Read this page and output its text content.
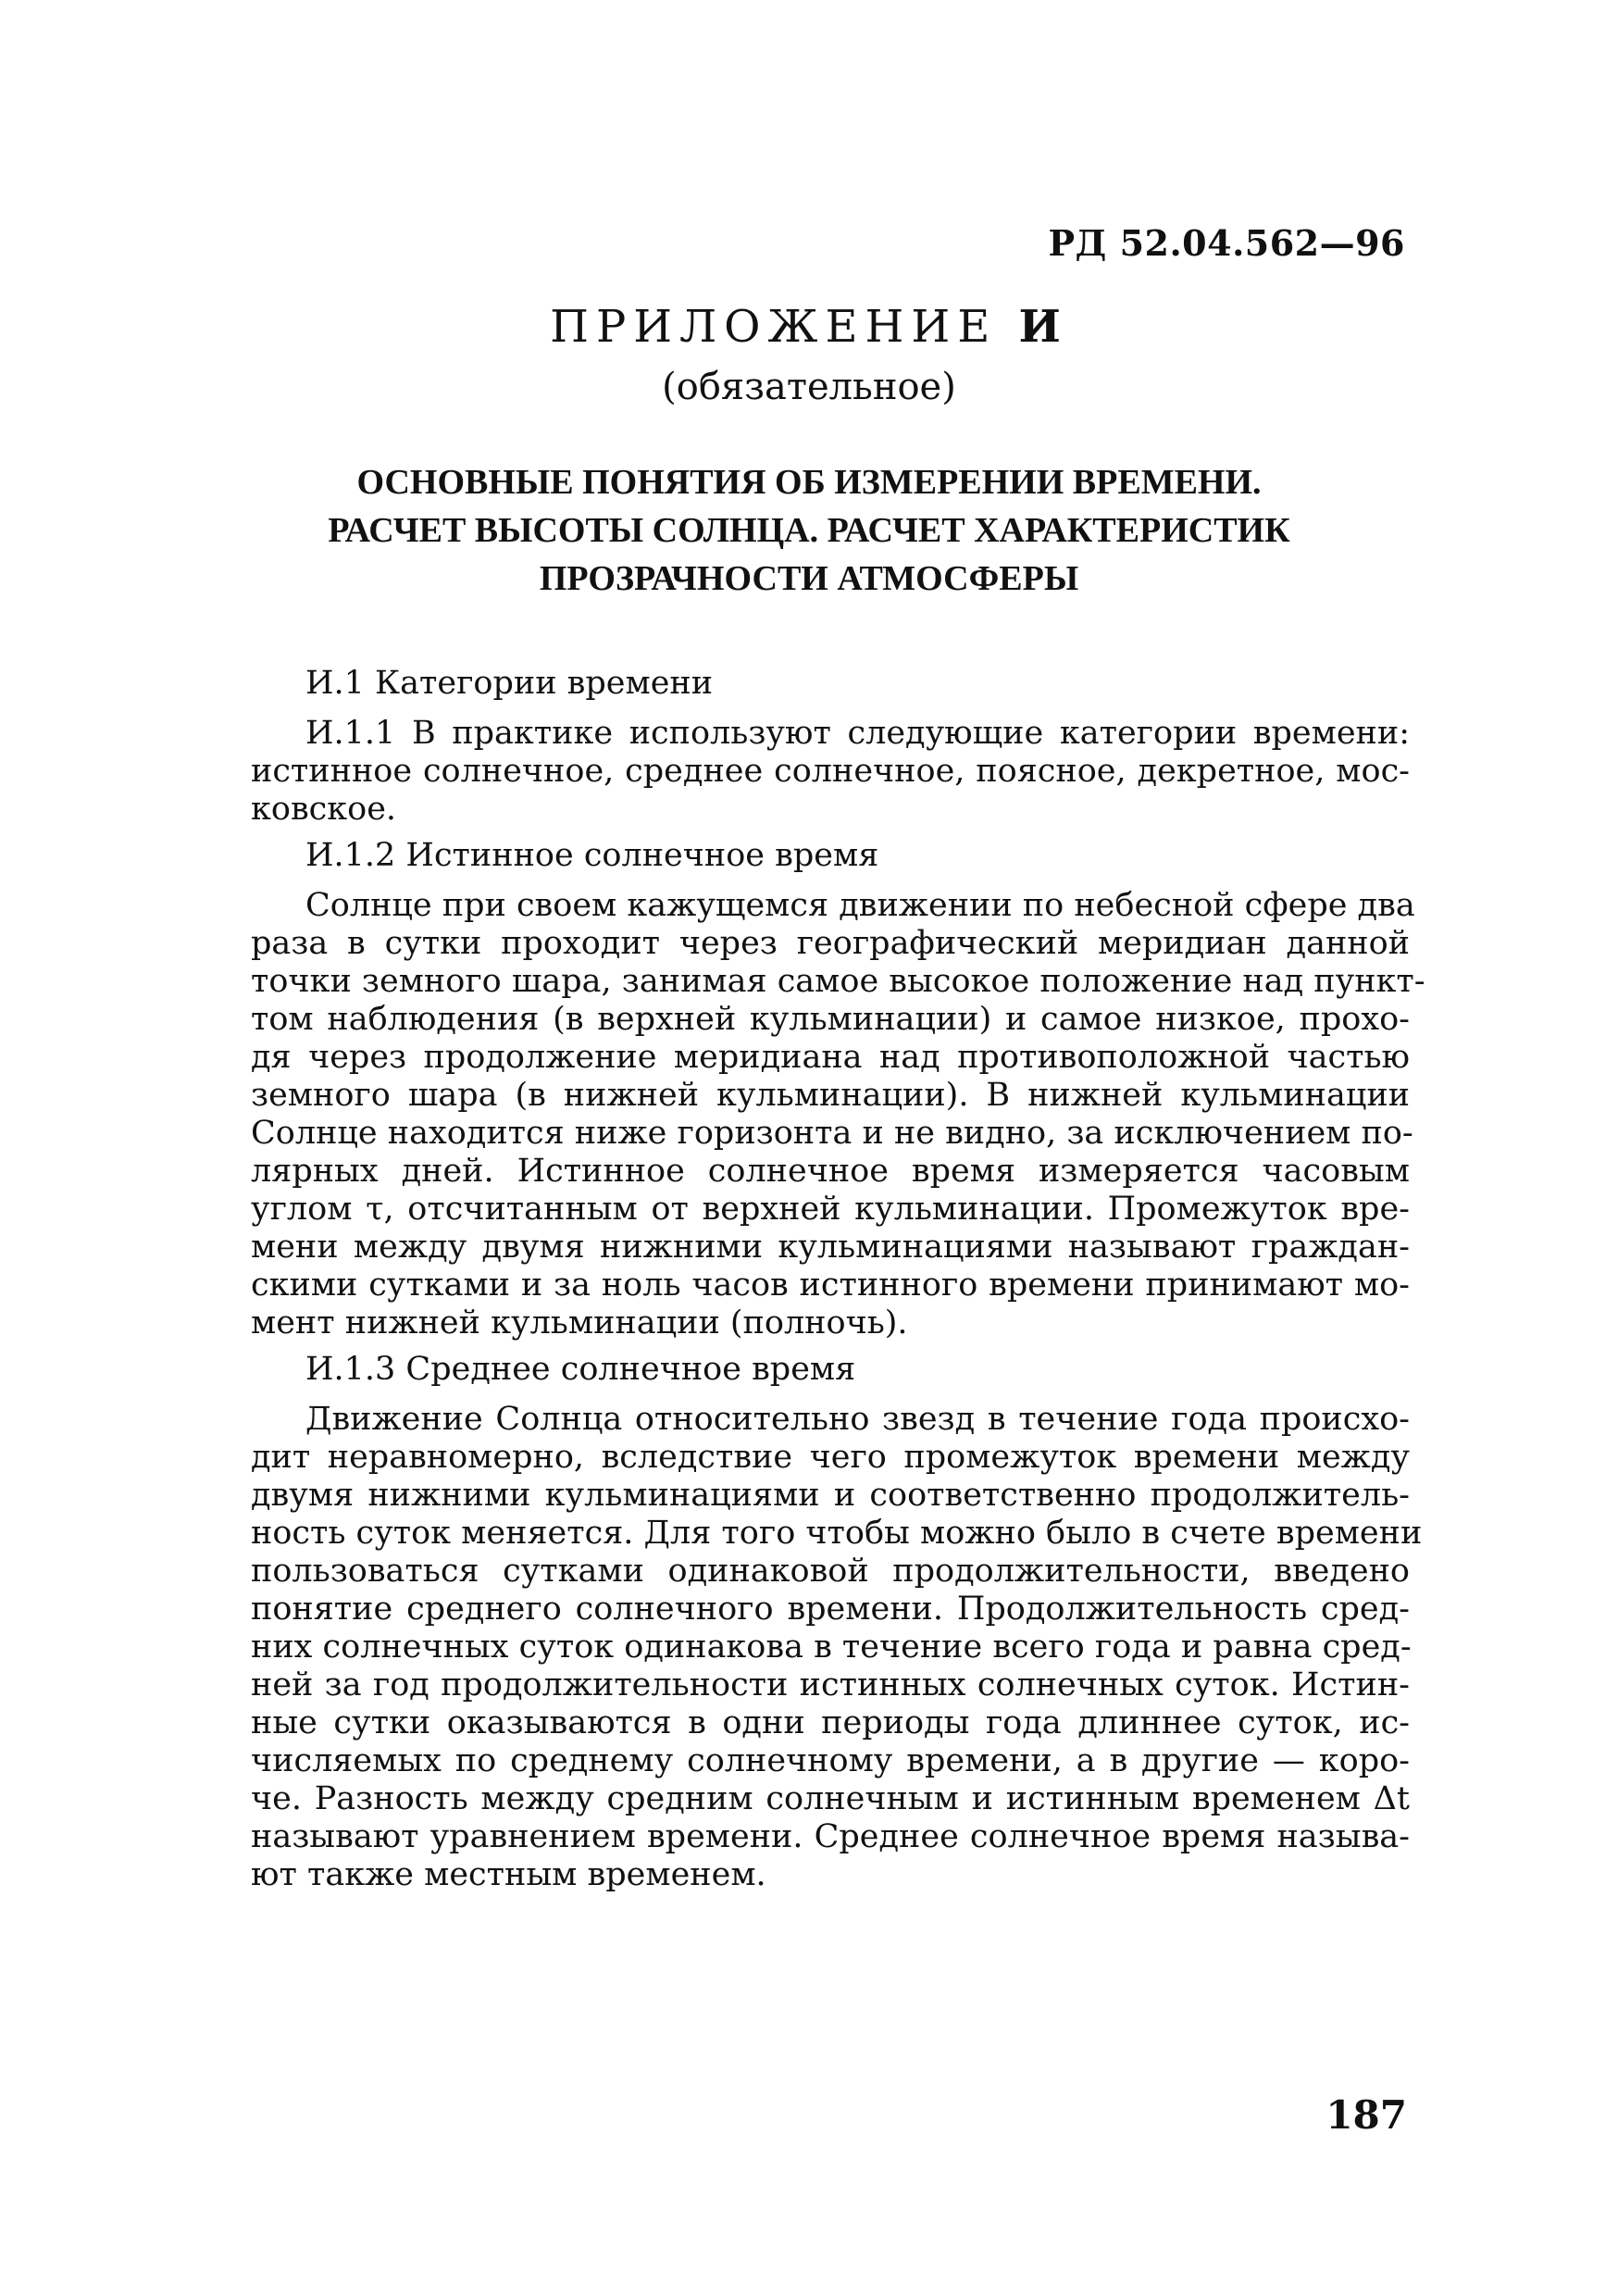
РД 52.04.562—96
ПРИЛОЖЕНИЕ И
(обязательное)
ОСНОВНЫЕ ПОНЯТИЯ ОБ ИЗМЕРЕНИИ ВРЕМЕНИ.
РАСЧЕТ ВЫСОТЫ СОЛНЦА. РАСЧЕТ ХАРАКТЕРИСТИК
ПРОЗРАЧНОСТИ АТМОСФЕРЫ
И.1 Категории времени
И.1.1 В практике используют следующие категории времени:
истинное солнечное, среднее солнечное, поясное, декретное, мос-
ковское.
И.1.2 Истинное солнечное время
Солнце при своем кажущемся движении по небесной сфере два
раза в сутки проходит через географический меридиан данной
точки земного шара, занимая самое высокое положение над пункт-
том наблюдения (в верхней кульминации) и самое низкое, прохо-
дя через продолжение меридиана над противоположной частью
земного шара (в нижней кульминации). В нижней кульминации
Солнце находится ниже горизонта и не видно, за исключением по-
лярных дней. Истинное солнечное время измеряется часовым
углом τ, отсчитанным от верхней кульминации. Промежуток вре-
мени между двумя нижними кульминациями называют граждан-
скими сутками и за ноль часов истинного времени принимают мо-
мент нижней кульминации (полночь).
И.1.3 Среднее солнечное время
Движение Солнца относительно звезд в течение года происхо-
дит неравномерно, вследствие чего промежуток времени между
двумя нижними кульминациями и соответственно продолжитель-
ность суток меняется. Для того чтобы можно было в счете времени
пользоваться сутками одинаковой продолжительности, введено
понятие среднего солнечного времени. Продолжительность сред-
них солнечных суток одинакова в течение всего года и равна сред-
ней за год продолжительности истинных солнечных суток. Истин-
ные сутки оказываются в одни периоды года длиннее суток, ис-
числяемых по среднему солнечному времени, а в другие — коро-
че. Разность между средним солнечным и истинным временем Δt
называют уравнением времени. Среднее солнечное время называ-
ют также местным временем.
187
